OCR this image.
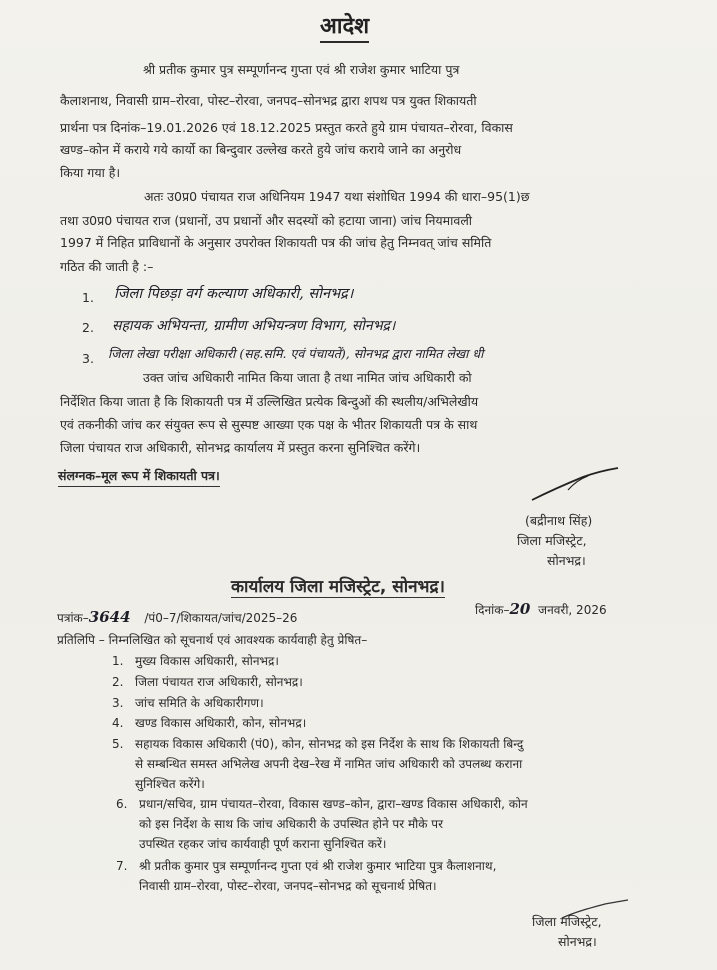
आदेश
श्री प्रतीक कुमार पुत्र सम्पूर्णानन्द गुप्ता एवं श्री राजेश कुमार भाटिया पुत्र
कैलाशनाथ, निवासी ग्राम–रोरवा, पोस्ट–रोरवा, जनपद–सोनभद्र द्वारा शपथ पत्र युक्त शिकायती
प्रार्थना पत्र दिनांक–19.01.2026 एवं 18.12.2025 प्रस्तुत करते हुये ग्राम पंचायत–रोरवा, विकास
खण्ड–कोन में कराये गये कार्यो का बिन्दुवार उल्लेख करते हुये जांच कराये जाने का अनुरोध
किया गया है।
अतः उ0प्र0 पंचायत राज अधिनियम 1947 यथा संशोधित 1994 की धारा–95(1)छ
तथा उ0प्र0 पंचायत राज (प्रधानों, उप प्रधानों और सदस्यों को हटाया जाना) जांच नियमावली
1997 में निहित प्राविधानों के अनुसार उपरोक्त शिकायती पत्र की जांच हेतु निम्नवत् जांच समिति
गठित की जाती है :–
1. जिला पिछड़ा वर्ग कल्याण अधिकारी, सोनभद्र।
2. सहायक अभियन्ता, ग्रामीण अभियन्त्रण विभाग, सोनभद्र।
3. जिला लेखा परीक्षा अधिकारी (सह.समि. एवं पंचायतें), सोनभद्र द्वारा नामित लेखा धी
उक्त जांच अधिकारी नामित किया जाता है तथा नामित जांच अधिकारी को
निर्देशित किया जाता है कि शिकायती पत्र में उल्लिखित प्रत्येक बिन्दुओं की स्थलीय/अभिलेखीय
एवं तकनीकी जांच कर संयुक्त रूप से सुस्पष्ट आख्या एक पक्ष के भीतर शिकायती पत्र के साथ
जिला पंचायत राज अधिकारी, सोनभद्र कार्यालय में प्रस्तुत करना सुनिश्चित करेंगे।
संलग्नक–मूल रूप में शिकायती पत्र।
(बद्रीनाथ सिंह)
जिला मजिस्ट्रेट,
सोनभद्र।
कार्यालय जिला मजिस्ट्रेट, सोनभद्र।
पत्रांक–3644 /पं0–7/शिकायत/जांच/2025–26
दिनांक–20 जनवरी, 2026
प्रतिलिपि – निम्नलिखित को सूचनार्थ एवं आवश्यक कार्यवाही हेतु प्रेषित–
1. मुख्य विकास अधिकारी, सोनभद्र।
2. जिला पंचायत राज अधिकारी, सोनभद्र।
3. जांच समिति के अधिकारीगण।
4. खण्ड विकास अधिकारी, कोन, सोनभद्र।
5. सहायक विकास अधिकारी (पं0), कोन, सोनभद्र को इस निर्देश के साथ कि शिकायती बिन्दु
से सम्बन्धित समस्त अभिलेख अपनी देख–रेख में नामित जांच अधिकारी को उपलब्ध कराना
सुनिश्चित करेंगे।
6. प्रधान/सचिव, ग्राम पंचायत–रोरवा, विकास खण्ड–कोन, द्वारा–खण्ड विकास अधिकारी, कोन
को इस निर्देश के साथ कि जांच अधिकारी के उपस्थित होने पर मौके पर
उपस्थित रहकर जांच कार्यवाही पूर्ण कराना सुनिश्चित करें।
7. श्री प्रतीक कुमार पुत्र सम्पूर्णानन्द गुप्ता एवं श्री राजेश कुमार भाटिया पुत्र कैलाशनाथ,
निवासी ग्राम–रोरवा, पोस्ट–रोरवा, जनपद–सोनभद्र को सूचनार्थ प्रेषित।
जिला मजिस्ट्रेट,
सोनभद्र।
